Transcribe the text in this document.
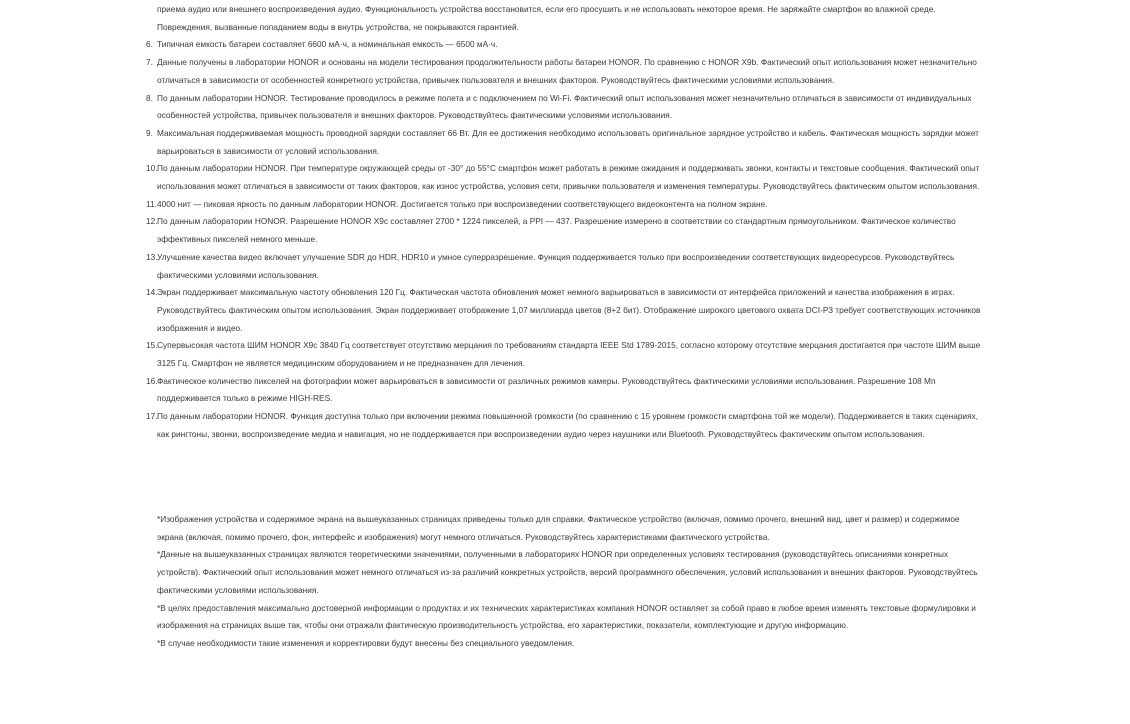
приема аудио или внешнего воспроизведения аудио. Функциональность устройства восстановится, если его просушить и не использовать некоторое время. Не заряжайте смартфон во влажной среде. Повреждения, вызванные попаданием воды в внутрь устройства, не покрываются гарантией.
6. Типичная емкость батареи составляет 6600 мА·ч, а номинальная емкость — 6500 мА·ч.
7. Данные получены в лаборатории HONOR и основаны на модели тестирования продолжительности работы батареи HONOR. По сравнению с HONOR X9b. Фактический опыт использования может незначительно отличаться в зависимости от особенностей конкретного устройства, привычек пользователя и внешних факторов. Руководствуйтесь фактическими условиями использования.
8. По данным лаборатории HONOR. Тестирование проводилось в режиме полета и с подключением по Wi-Fi. Фактический опыт использования может незначительно отличаться в зависимости от индивидуальных особенностей устройства, привычек пользователя и внешних факторов. Руководствуйтесь фактическими условиями использования.
9. Максимальная поддерживаемая мощность проводной зарядки составляет 66 Вт. Для ее достижения необходимо использовать оригинальное зарядное устройство и кабель. Фактическая мощность зарядки может варьироваться в зависимости от условий использования.
10. По данным лаборатории HONOR. При температуре окружающей среды от -30° до 55°С смартфон может работать в режиме ожидания и поддерживать звонки, контакты и текстовые сообщения. Фактический опыт использования может отличаться в зависимости от таких факторов, как износ устройства, условия сети, привычки пользователя и изменения температуры. Руководствуйтесь фактическим опытом использования.
11. 4000 нит — пиковая яркость по данным лаборатории HONOR. Достигается только при воспроизведении соответствующего видеоконтента на полном экране.
12. По данным лаборатории HONOR. Разрешение HONOR X9c составляет 2700 * 1224 пикселей, а PPI — 437. Разрешение измерено в соответствии со стандартным прямоугольником. Фактическое количество эффективных пикселей немного меньше.
13. Улучшение качества видео включает улучшение SDR до HDR, HDR10 и умное суперразрешение. Функция поддерживается только при воспроизведении соответствующих видеоресурсов. Руководствуйтесь фактическими условиями использования.
14. Экран поддерживает максимальную частоту обновления 120 Гц. Фактическая частота обновления может немного варьироваться в зависимости от интерфейса приложений и качества изображения в играх. Руководствуйтесь фактическим опытом использования. Экран поддерживает отображение 1,07 миллиарда цветов (8+2 бит). Отображение широкого цветового охвата DCI-P3 требует соответствующих источников изображения и видео.
15. Супервысокая частота ШИМ HONOR X9c 3840 Гц соответствует отсутствию мерцания по требованиям стандарта IEEE Std 1789-2015, согласно которому отсутствие мерцания достигается при частоте ШИМ выше 3125 Гц. Смартфон не является медицинским оборудованием и не предназначен для лечения.
16. Фактическое количество пикселей на фотографии может варьироваться в зависимости от различных режимов камеры. Руководствуйтесь фактическими условиями использования. Разрешение 108 Мп поддерживается только в режиме HIGH-RES.
17. По данным лаборатории HONOR. Функция доступна только при включении режима повышенной громкости (по сравнению с 15 уровнем громкости смартфона той же модели). Поддерживается в таких сценариях, как рингтоны, звонки, воспроизведение медиа и навигация, но не поддерживается при воспроизведении аудио через наушники или Bluetooth. Руководствуйтесь фактическим опытом использования.

*Изображения устройства и содержимое экрана на вышеуказанных страницах приведены только для справки. Фактическое устройство (включая, помимо прочего, внешний вид, цвет и размер) и содержимое экрана (включая, помимо прочего, фон, интерфейс и изображения) могут немного отличаться. Руководствуйтесь характеристиками фактического устройства.

*Данные на вышеуказанных страницах являются теоретическими значениями, полученными в лабораториях HONOR при определенных условиях тестирования (руководствуйтесь описаниями конкретных устройств). Фактический опыт использования может немного отличаться из-за различий конкретных устройств, версий программного обеспечения, условий использования и внешних факторов. Руководствуйтесь фактическими условиями использования.

*В целях предоставления максимально достоверной информации о продуктах и их технических характеристиках компания HONOR оставляет за собой право в любое время изменять текстовые формулировки и изображения на страницах выше так, чтобы они отражали фактическую производительность устройства, его характеристики, показатели, комплектующие и другую информацию.

*В случае необходимости такие изменения и корректировки будут внесены без специального уведомления.
